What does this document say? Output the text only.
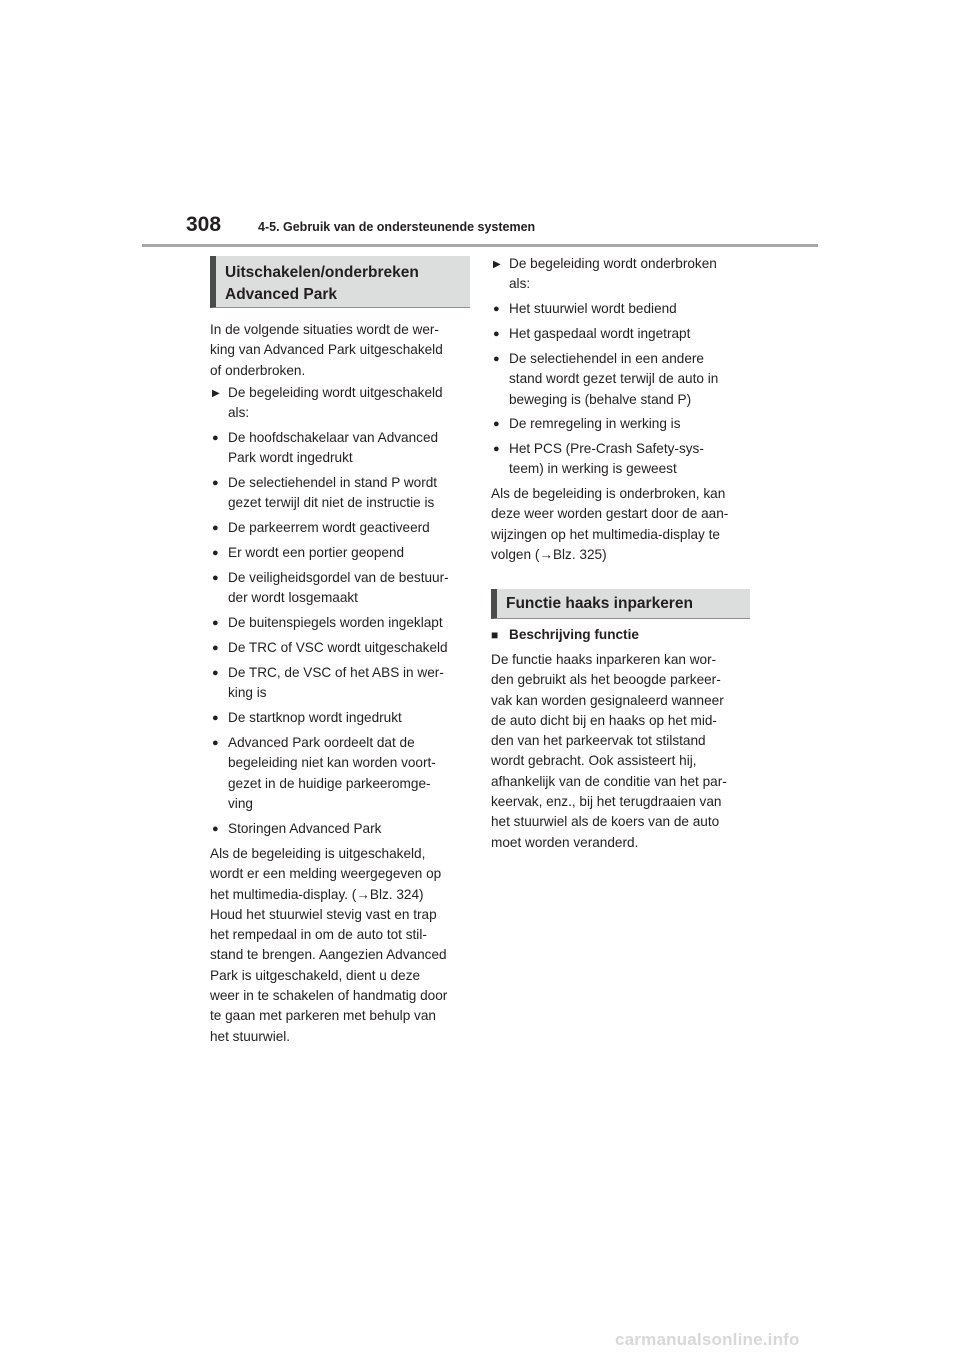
308	4-5. Gebruik van de ondersteunende systemen
Uitschakelen/onderbreken
Advanced Park
In de volgende situaties wordt de wer-
king van Advanced Park uitgeschakeld
of onderbroken.
▶ De begeleiding wordt uitgeschakeld
als:
● De hoofdschakelaar van Advanced
Park wordt ingedrukt
● De selectiehendel in stand P wordt
gezet terwijl dit niet de instructie is
● De parkeerrem wordt geactiveerd
● Er wordt een portier geopend
● De veiligheidsgordel van de bestuur-
der wordt losgemaakt
● De buitenspiegels worden ingeklapt
● De TRC of VSC wordt uitgeschakeld
● De TRC, de VSC of het ABS in wer-
king is
● De startknop wordt ingedrukt
● Advanced Park oordeelt dat de
begeleiding niet kan worden voort-
gezet in de huidige parkeeromge-
ving
● Storingen Advanced Park
Als de begeleiding is uitgeschakeld,
wordt er een melding weergegeven op
het multimedia-display. (→Blz. 324)
Houd het stuurwiel stevig vast en trap
het rempedaal in om de auto tot stil-
stand te brengen. Aangezien Advanced
Park is uitgeschakeld, dient u deze
weer in te schakelen of handmatig door
te gaan met parkeren met behulp van
het stuurwiel.
▶ De begeleiding wordt onderbroken
als:
● Het stuurwiel wordt bediend
● Het gaspedaal wordt ingetrapt
● De selectiehendel in een andere
stand wordt gezet terwijl de auto in
beweging is (behalve stand P)
● De remregeling in werking is
● Het PCS (Pre-Crash Safety-sys-
teem) in werking is geweest
Als de begeleiding is onderbroken, kan
deze weer worden gestart door de aan-
wijzingen op het multimedia-display te
volgen (→Blz. 325)
Functie haaks inparkeren
■ Beschrijving functie
De functie haaks inparkeren kan wor-
den gebruikt als het beoogde parkeer-
vak kan worden gesignaleerd wanneer
de auto dicht bij en haaks op het mid-
den van het parkeervak tot stilstand
wordt gebracht. Ook assisteert hij,
afhankelijk van de conditie van het par-
keervak, enz., bij het terugdraaien van
het stuurwiel als de koers van de auto
moet worden veranderd.
carmanualsonline.info
